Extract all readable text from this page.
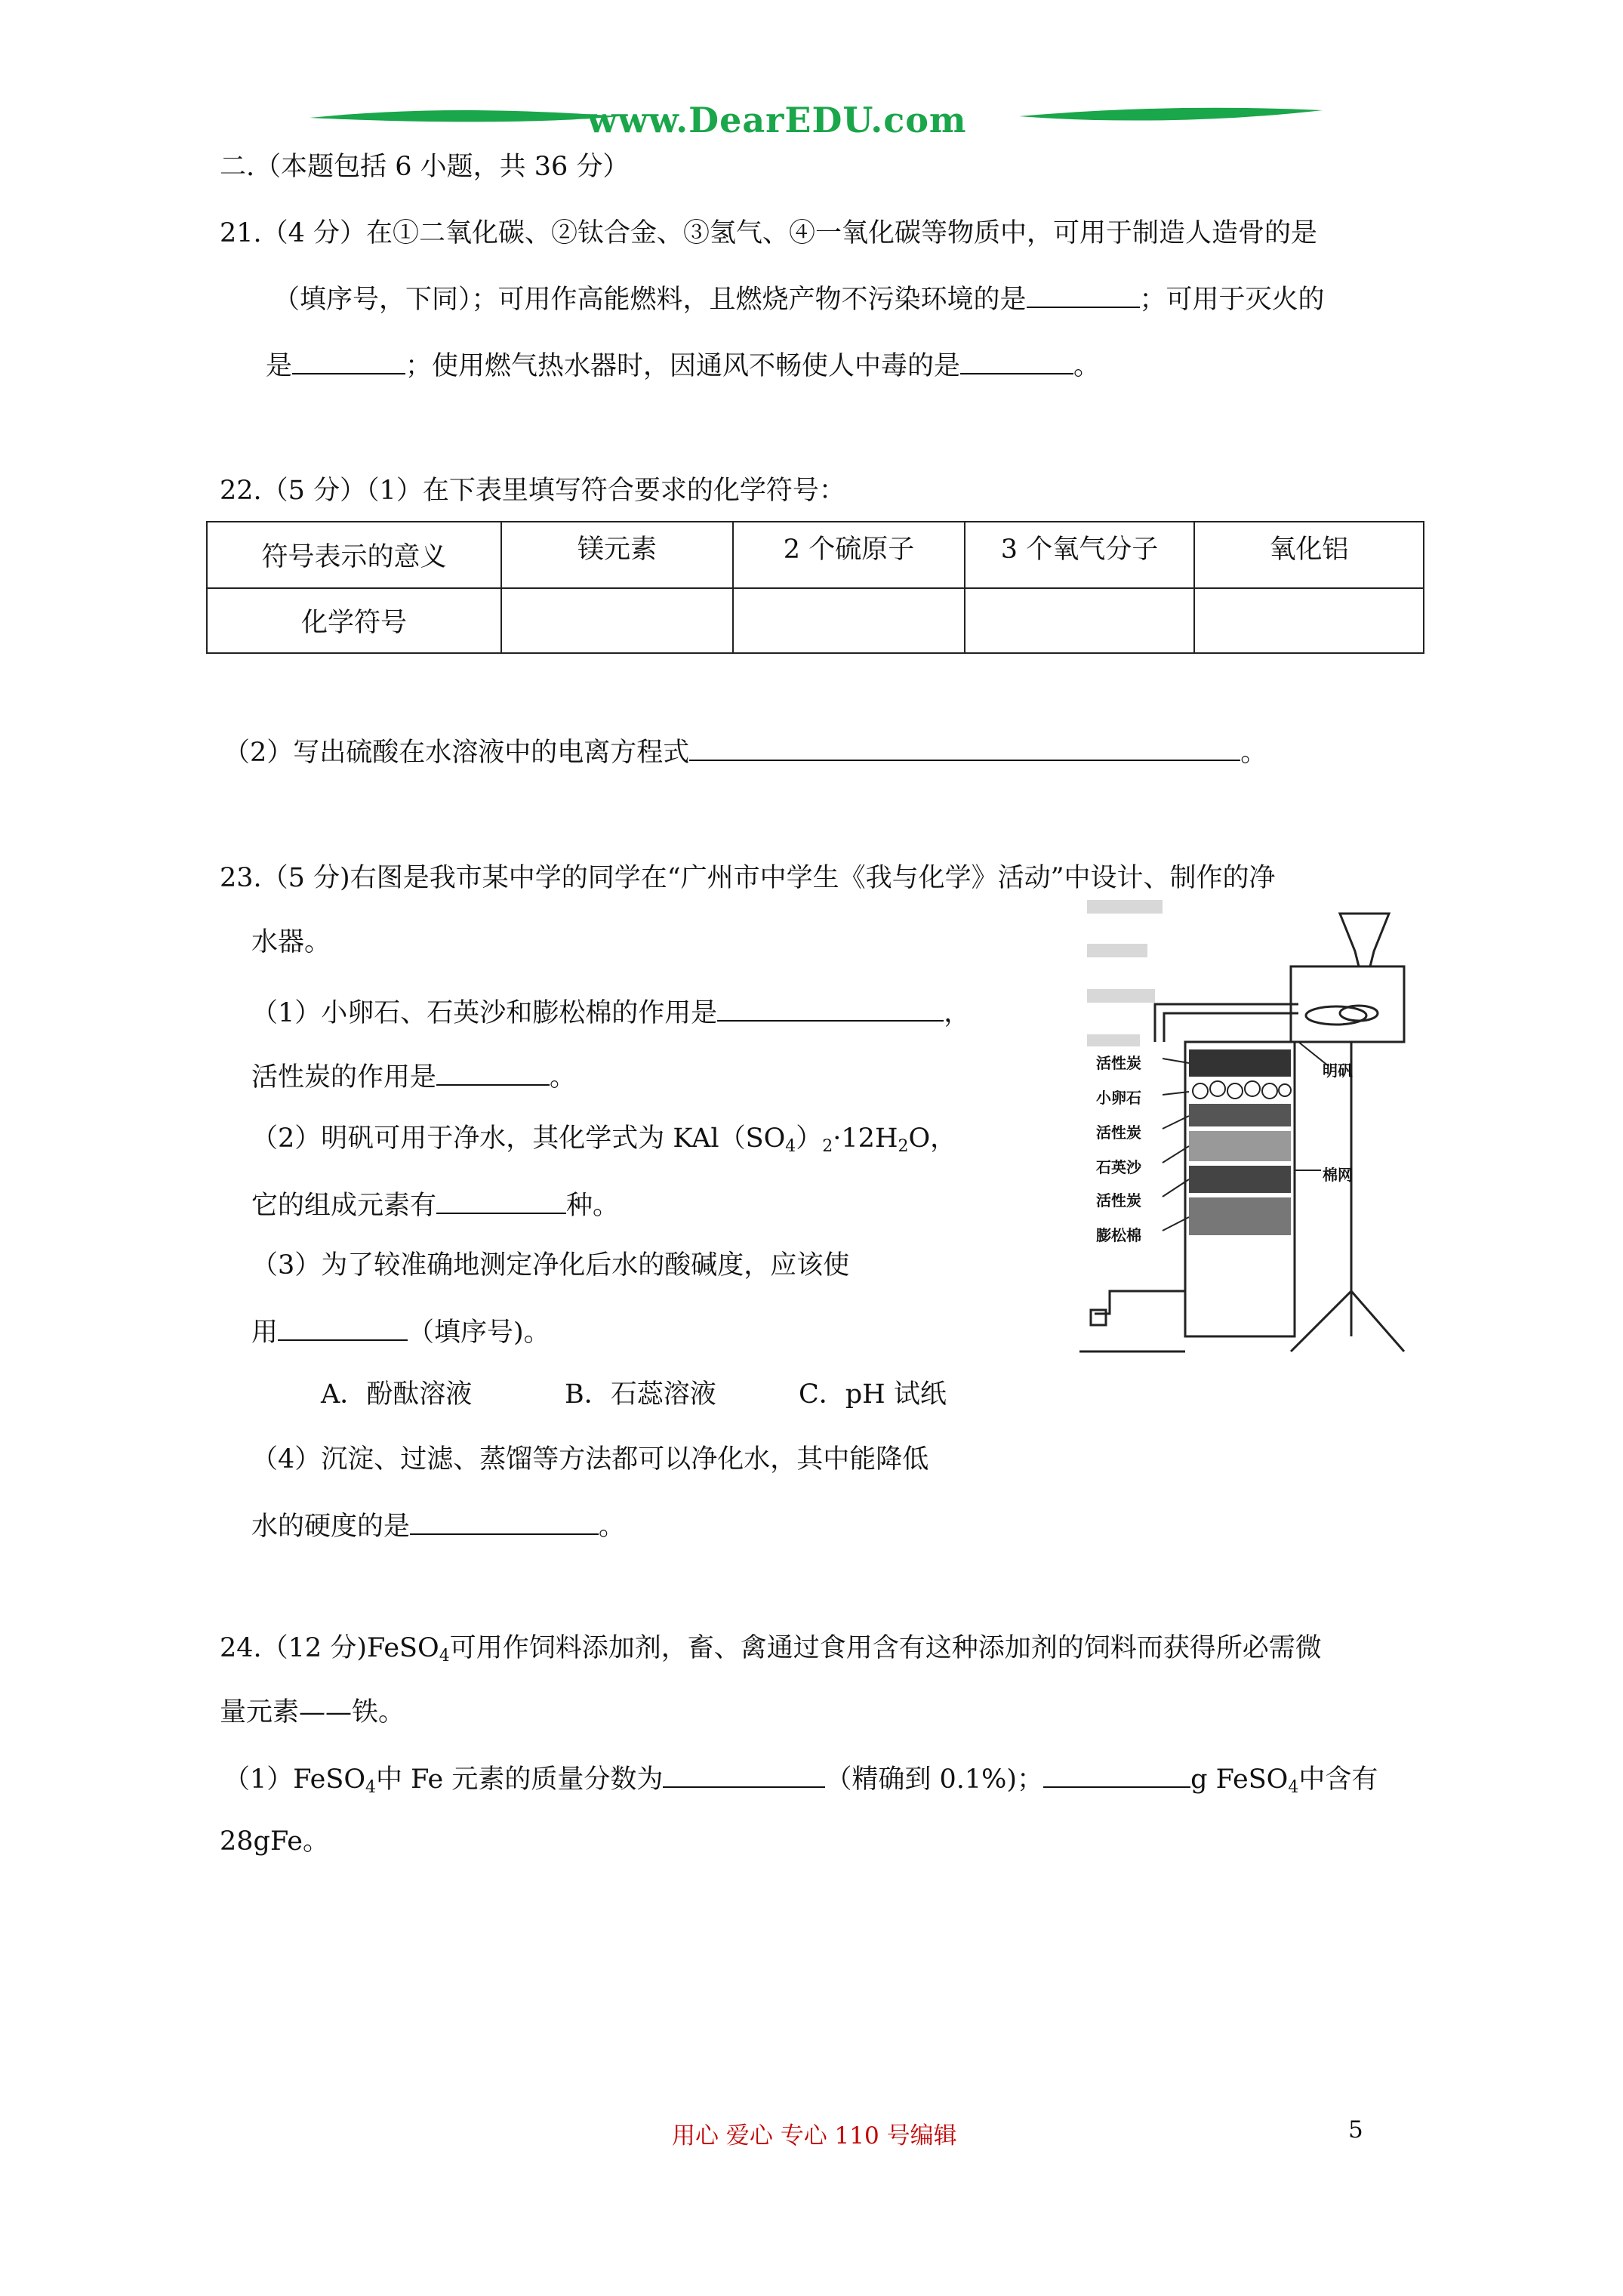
www.DearEDU.com
二.（本题包括 6 小题，共 36 分）
21.（4 分）在①二氧化碳、②钛合金、③氢气、④一氧化碳等物质中，可用于制造人造骨的是
（填序号，下同）；可用作高能燃料，且燃烧产物不污染环境的是	；可用于灭火的
是	；使用燃气热水器时，因通风不畅使人中毒的是	。
22.（5 分）（1）在下表里填写符合要求的化学符号：
符号表示的意义	镁元素	2 个硫原子	3 个氧气分子	氧化铝
化学符号				
（2）写出硫酸在水溶液中的电离方程式	。
23.（5 分)右图是我市某中学的同学在“广州市中学生《我与化学》活动”中设计、制作的净
水器。
（1）小卵石、石英沙和膨松棉的作用是	，
活性炭的作用是	。
（2）明矾可用于净水，其化学式为 $KAl(SO_4)_2\cdot 12H_2O$，
它的组成元素有	种。
（3）为了较准确地测定净化后水的酸碱度，应该使
用	（填序号)。
A．酚酞溶液	B．石蕊溶液	C．pH 试纸
（4）沉淀、过滤、蒸馏等方法都可以净化水，其中能降低
水的硬度的是	。
活性炭
小卵石
活性炭
石英沙
活性炭
膨松棉
明矾
棉网
24.（12 分)FeSO$_4$可用作饲料添加剂，畜、禽通过食用含有这种添加剂的饲料而获得所必需微
量元素——铁。
（1）FeSO$_4$中 Fe 元素的质量分数为	（精确到 0.1%)；	g FeSO$_4$中含有
28gFe。
用心 爱心 专心 110 号编辑	5
